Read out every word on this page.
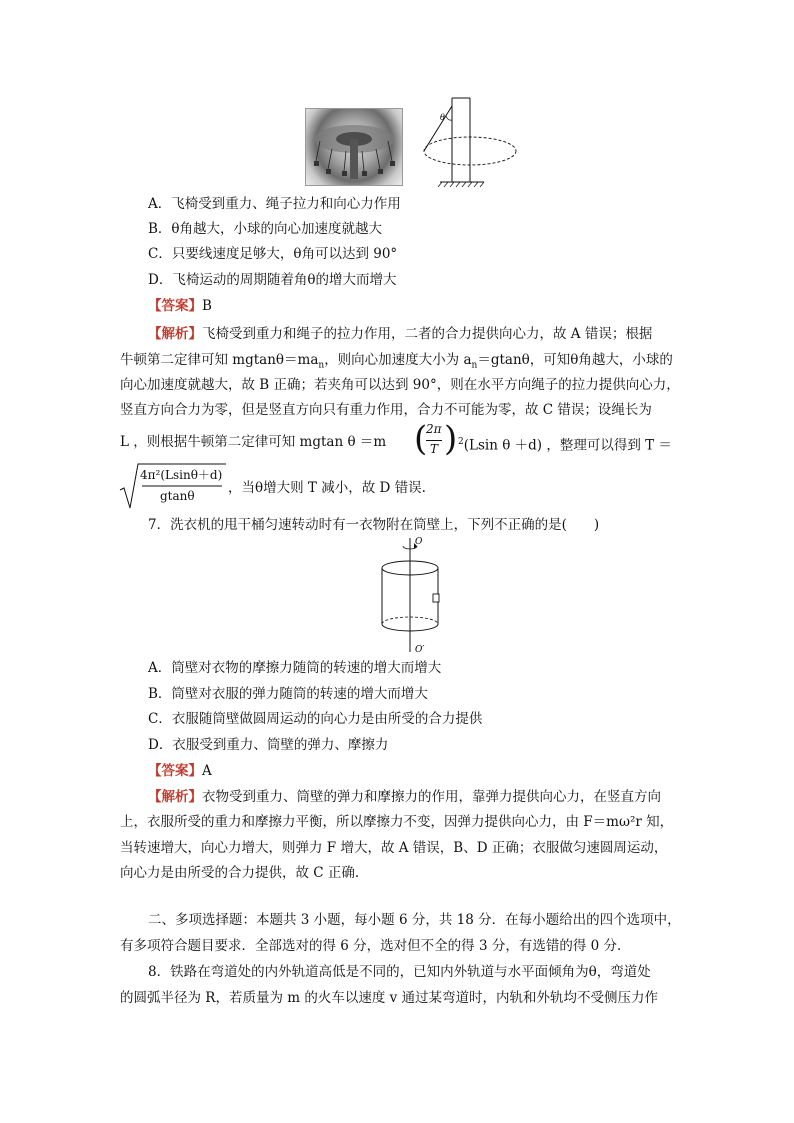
θ
A．飞椅受到重力、绳子拉力和向心力作用
B．θ角越大，小球的向心加速度就越大
C．只要线速度足够大，θ角可以达到 90°
D．飞椅运动的周期随着角θ的增大而增大
【答案】B
【解析】飞椅受到重力和绳子的拉力作用，二者的合力提供向心力，故 A 错误；根据
牛顿第二定律可知 $mgtan\theta=ma_n$，则向心加速度大小为 $a_n=gtan\theta$，可知θ角越大，小球的
向心加速度就越大，故 B 正确；若夹角可以达到 90°，则在水平方向绳子的拉力提供向心力，
竖直方向合力为零，但是竖直方向只有重力作用，合力不可能为零，故 C 错误；设绳长为
L ，则根据牛顿第二定律可知 mgtan θ ＝m (
2π
T ) $^2$(Lsin θ ＋d) ，整理可以得到 T ＝
4π²(Lsinθ＋d)
gtanθ ，当θ增大则 T 减小，故 D 错误.
7．洗衣机的甩干桶匀速转动时有一衣物附在筒壁上，下列不正确的是(　　)
O
O′
A．筒壁对衣物的摩擦力随筒的转速的增大而增大
B．筒壁对衣服的弹力随筒的转速的增大而增大
C．衣服随筒壁做圆周运动的向心力是由所受的合力提供
D．衣服受到重力、筒壁的弹力、摩擦力
【答案】A
【解析】衣物受到重力、筒壁的弹力和摩擦力的作用，靠弹力提供向心力，在竖直方向
上，衣服所受的重力和摩擦力平衡，所以摩擦力不变，因弹力提供向心力，由 F＝mω²r 知，
当转速增大，向心力增大，则弹力 F 增大，故 A 错误，B、D 正确；衣服做匀速圆周运动，
向心力是由所受的合力提供，故 C 正确.
二、多项选择题：本题共 3 小题，每小题 6 分，共 18 分．在每小题给出的四个选项中，
有多项符合题目要求．全部选对的得 6 分，选对但不全的得 3 分，有选错的得 0 分．
8．铁路在弯道处的内外轨道高低是不同的，已知内外轨道与水平面倾角为θ，弯道处
的圆弧半径为 R，若质量为 m 的火车以速度 v 通过某弯道时，内轨和外轨均不受侧压力作
